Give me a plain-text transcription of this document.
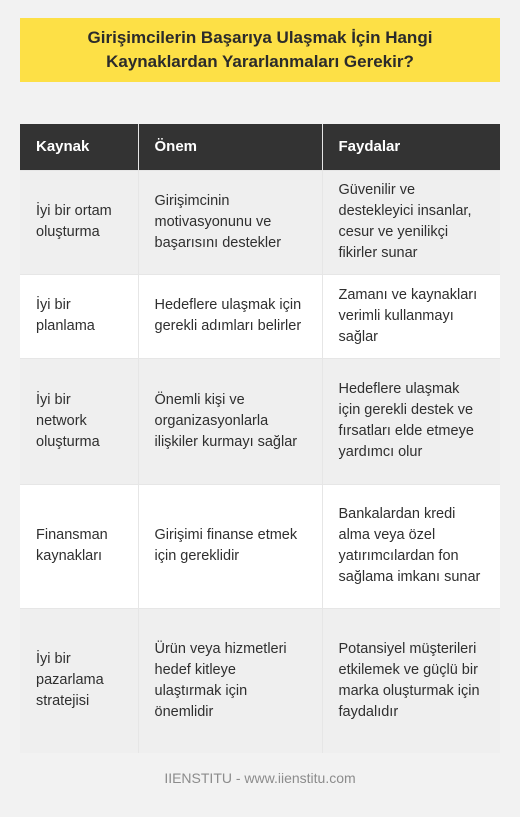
Girişimcilerin Başarıya Ulaşmak İçin Hangi Kaynaklardan Yararlanmaları Gerekir?
Kaynak	Önem	Faydalar
İyi bir ortam oluşturma	Girişimcinin motivasyonunu ve başarısını destekler	Güvenilir ve destekleyici insanlar, cesur ve yenilikçi fikirler sunar
İyi bir planlama	Hedeflere ulaşmak için gerekli adımları belirler	Zamanı ve kaynakları verimli kullanmayı sağlar
İyi bir network oluşturma	Önemli kişi ve organizasyonlarla ilişkiler kurmayı sağlar	Hedeflere ulaşmak için gerekli destek ve fırsatları elde etmeye yardımcı olur
Finansman kaynakları	Girişimi finanse etmek için gereklidir	Bankalardan kredi alma veya özel yatırımcılardan fon sağlama imkanı sunar
İyi bir pazarlama stratejisi	Ürün veya hizmetleri hedef kitleye ulaştırmak için önemlidir	Potansiyel müşterileri etkilemek ve güçlü bir marka oluşturmak için faydalıdır
IIENSTITU - www.iienstitu.com
